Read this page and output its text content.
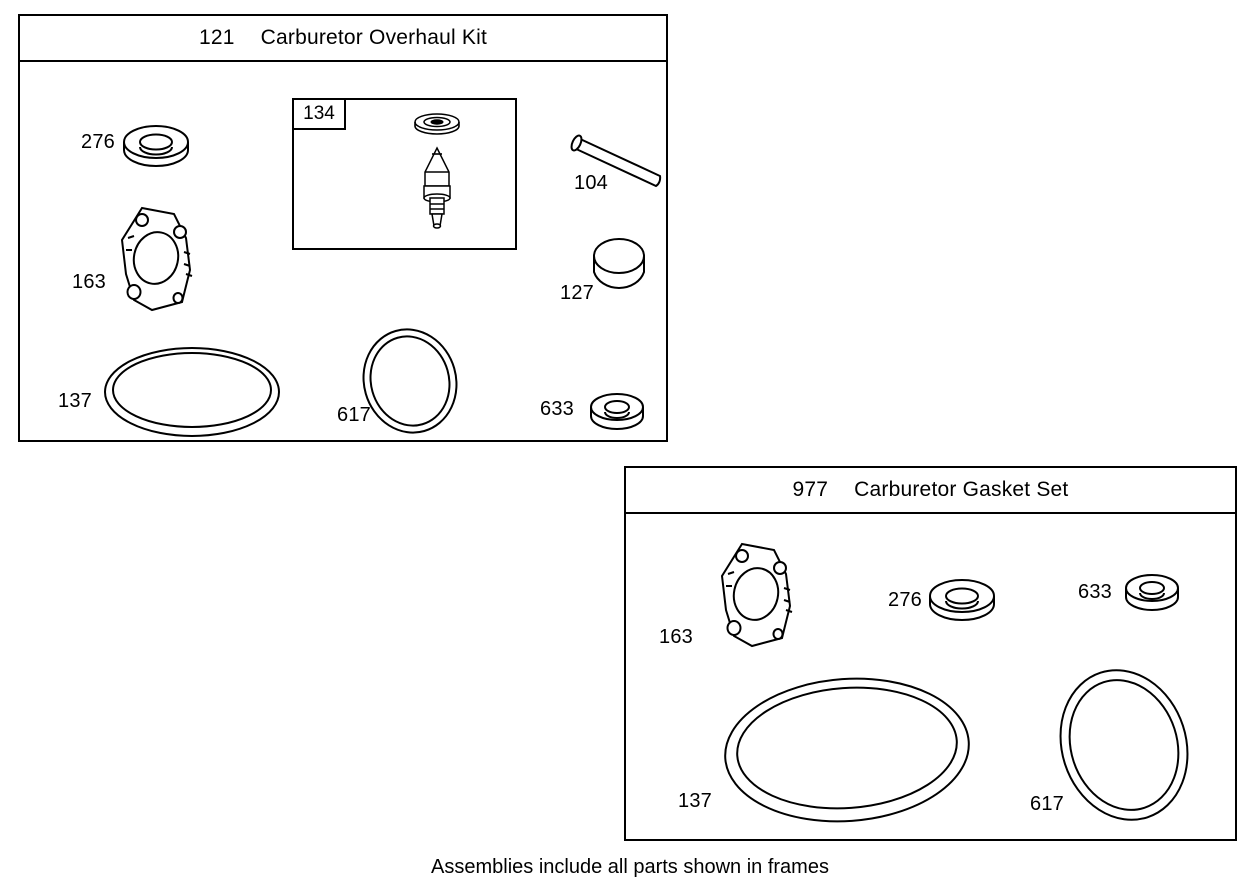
121 Carburetor Overhaul Kit
134
276
163
137
617	633
104
127
977 Carburetor Gasket Set
163
276	633
137	617
Assemblies include all parts shown in frames
